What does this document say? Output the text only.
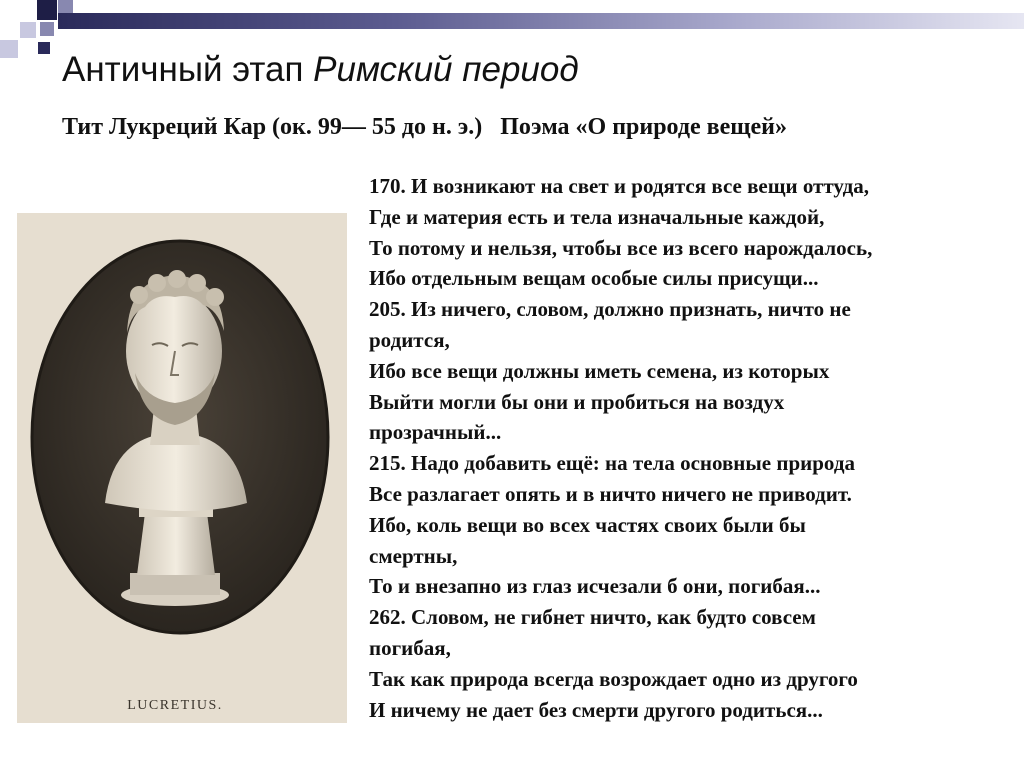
Античный этап Римский период
Тит Лукреций Кар (ок. 99— 55 до н. э.) Поэма «О природе вещей»
LUCRETIUS.
170. И возникают на свет и родятся все вещи оттуда,
Где и материя есть и тела изначальные каждой,
То потому и нельзя, чтобы все из всего нарождалось,
Ибо отдельным вещам особые силы присущи...
205. Из ничего, словом, должно признать, ничто не
родится,
Ибо все вещи должны иметь семена, из которых
Выйти могли бы они и пробиться на воздух
прозрачный...
215. Надо добавить ещё: на тела основные природа
Все разлагает опять и в ничто ничего не приводит.
Ибо, коль вещи во всех частях своих были бы
смертны,
То и внезапно из глаз исчезали б они, погибая...
262. Словом, не гибнет ничто, как будто совсем
погибая,
Так как природа всегда возрождает одно из другого
И ничему не дает без смерти другого родиться...
